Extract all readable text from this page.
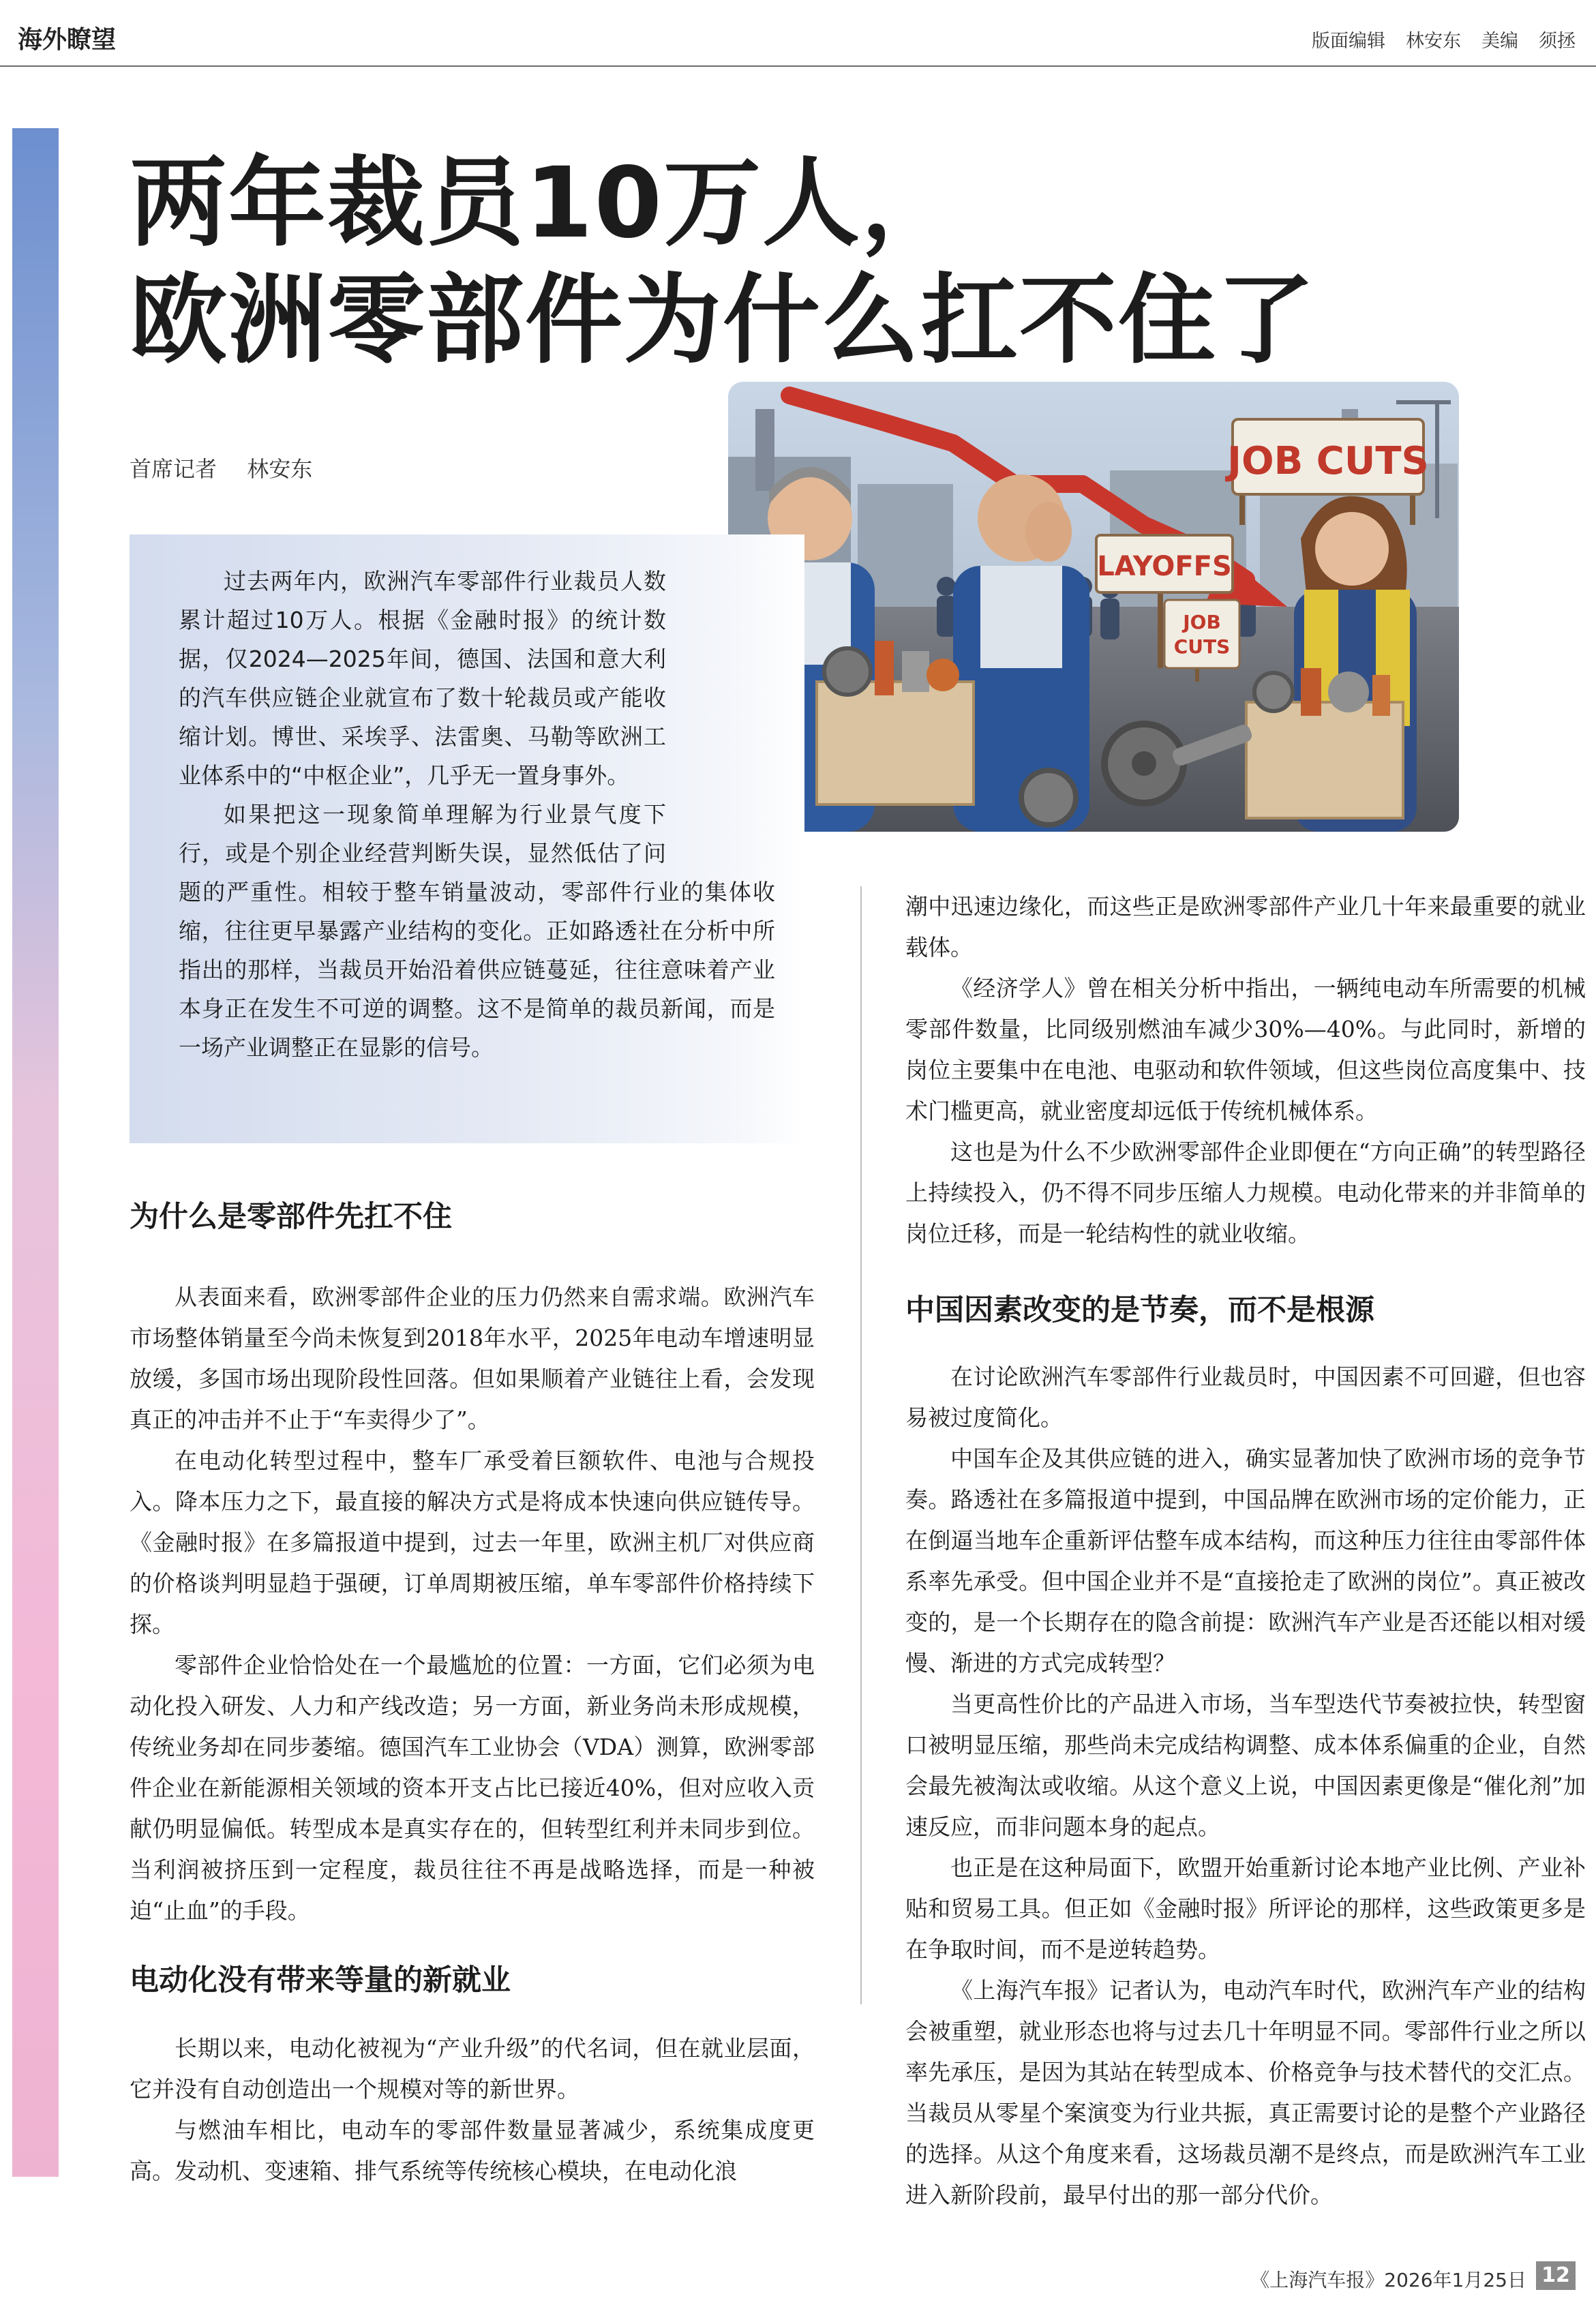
海外瞭望	版面编辑 林安东 美编 须拯
两年裁员10万人，
欧洲零部件为什么扛不住了
首席记者 林安东	JOB CUTS
LAYOFFS
JOB
CUTS

过去两年内，欧洲汽车零部件行业裁员人数累计超过10万人。根据《金融时报》的统计数据，仅2024—2025年间，德国、法国和意大利的汽车供应链企业就宣布了数十轮裁员或产能收缩计划。博世、采埃孚、法雷奥、马勒等欧洲工业体系中的“中枢企业”，几乎无一置身事外。

如果把这一现象简单理解为行业景气度下行，或是个别企业经营判断失误，显然低估了问题的严重性。相较于整车销量波动，零部件行业的集体收缩，往往更早暴露产业结构的变化。正如路透社在分析中所指出的那样，当裁员开始沿着供应链蔓延，往往意味着产业本身正在发生不可逆的调整。这不是简单的裁员新闻，而是一场产业调整正在显影的信号。

为什么是零部件先扛不住

从表面来看，欧洲零部件企业的压力仍然来自需求端。欧洲汽车市场整体销量至今尚未恢复到2018年水平，2025年电动车增速明显放缓，多国市场出现阶段性回落。但如果顺着产业链往上看，会发现真正的冲击并不止于“车卖得少了”。

在电动化转型过程中，整车厂承受着巨额软件、电池与合规投入。降本压力之下，最直接的解决方式是将成本快速向供应链传导。《金融时报》在多篇报道中提到，过去一年里，欧洲主机厂对供应商的价格谈判明显趋于强硬，订单周期被压缩，单车零部件价格持续下探。

零部件企业恰恰处在一个最尴尬的位置：一方面，它们必须为电动化投入研发、人力和产线改造；另一方面，新业务尚未形成规模，传统业务却在同步萎缩。德国汽车工业协会（VDA）测算，欧洲零部件企业在新能源相关领域的资本开支占比已接近40%，但对应收入贡献仍明显偏低。转型成本是真实存在的，但转型红利并未同步到位。当利润被挤压到一定程度，裁员往往不再是战略选择，而是一种被迫“止血”的手段。

电动化没有带来等量的新就业

长期以来，电动化被视为“产业升级”的代名词，但在就业层面，它并没有自动创造出一个规模对等的新世界。

与燃油车相比，电动车的零部件数量显著减少，系统集成度更高。发动机、变速箱、排气系统等传统核心模块，在电动化浪

潮中迅速边缘化，而这些正是欧洲零部件产业几十年来最重要的就业载体。

《经济学人》曾在相关分析中指出，一辆纯电动车所需要的机械零部件数量，比同级别燃油车减少30%—40%。与此同时，新增的岗位主要集中在电池、电驱动和软件领域，但这些岗位高度集中、技术门槛更高，就业密度却远低于传统机械体系。

这也是为什么不少欧洲零部件企业即便在“方向正确”的转型路径上持续投入，仍不得不同步压缩人力规模。电动化带来的并非简单的岗位迁移，而是一轮结构性的就业收缩。

中国因素改变的是节奏，而不是根源

在讨论欧洲汽车零部件行业裁员时，中国因素不可回避，但也容易被过度简化。

中国车企及其供应链的进入，确实显著加快了欧洲市场的竞争节奏。路透社在多篇报道中提到，中国品牌在欧洲市场的定价能力，正在倒逼当地车企重新评估整车成本结构，而这种压力往往由零部件体系率先承受。但中国企业并不是“直接抢走了欧洲的岗位”。真正被改变的，是一个长期存在的隐含前提：欧洲汽车产业是否还能以相对缓慢、渐进的方式完成转型？

当更高性价比的产品进入市场，当车型迭代节奏被拉快，转型窗口被明显压缩，那些尚未完成结构调整、成本体系偏重的企业，自然会最先被淘汰或收缩。从这个意义上说，中国因素更像是“催化剂”加速反应，而非问题本身的起点。

也正是在这种局面下，欧盟开始重新讨论本地产业比例、产业补贴和贸易工具。但正如《金融时报》所评论的那样，这些政策更多是在争取时间，而不是逆转趋势。

《上海汽车报》记者认为，电动汽车时代，欧洲汽车产业的结构会被重塑，就业形态也将与过去几十年明显不同。零部件行业之所以率先承压，是因为其站在转型成本、价格竞争与技术替代的交汇点。当裁员从零星个案演变为行业共振，真正需要讨论的是整个产业路径的选择。从这个角度来看，这场裁员潮不是终点，而是欧洲汽车工业进入新阶段前，最早付出的那一部分代价。

《上海汽车报》2026年1月25日 12
